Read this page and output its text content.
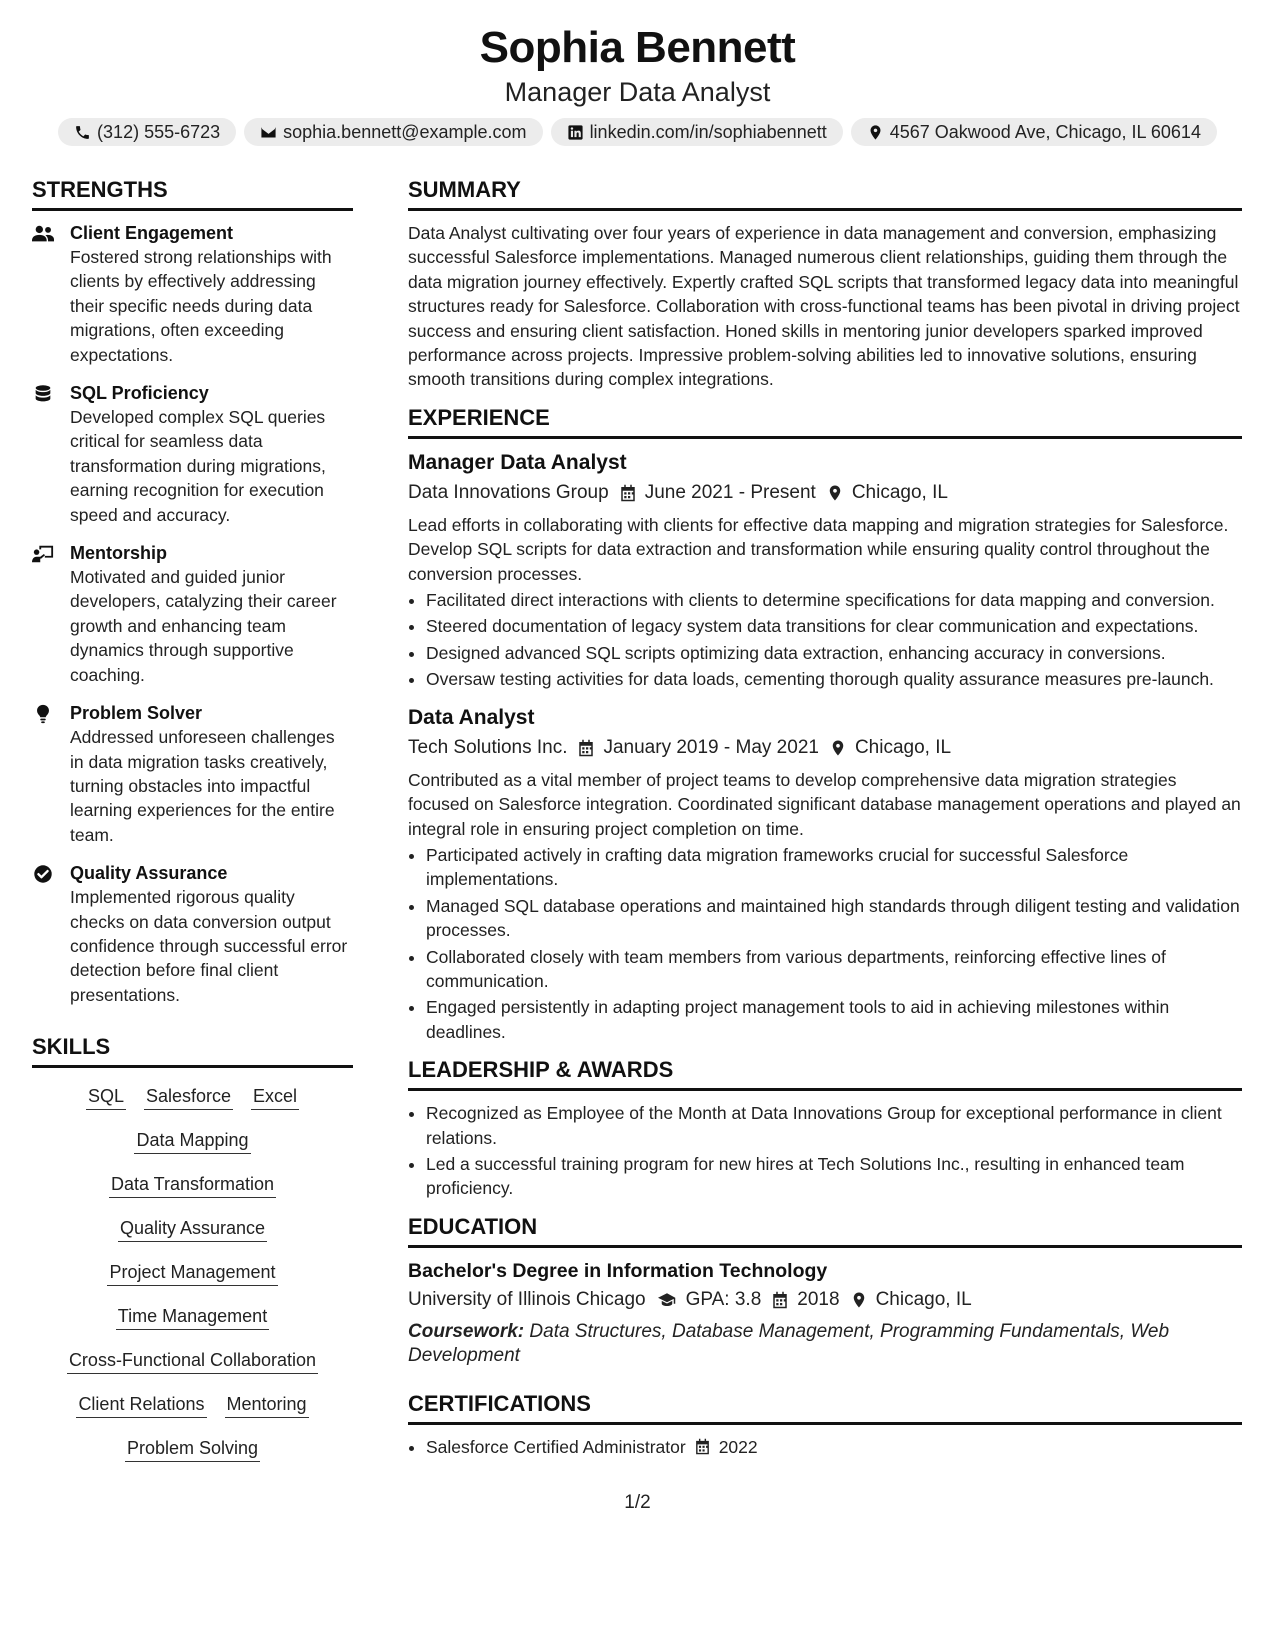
Sophia Bennett
Manager Data Analyst
(312) 555-6723	sophia.bennett@example.com	linkedin.com/in/sophiabennett	4567 Oakwood Ave, Chicago, IL 60614
STRENGTHS
Client Engagement
Fostered strong relationships with clients by effectively addressing their specific needs during data migrations, often exceeding expectations.
SQL Proficiency
Developed complex SQL queries critical for seamless data transformation during migrations, earning recognition for execution speed and accuracy.
Mentorship
Motivated and guided junior developers, catalyzing their career growth and enhancing team dynamics through supportive coaching.
Problem Solver
Addressed unforeseen challenges in data migration tasks creatively, turning obstacles into impactful learning experiences for the entire team.
Quality Assurance
Implemented rigorous quality checks on data conversion output confidence through successful error detection before final client presentations.
SKILLS
SQL Salesforce Excel
Data Mapping
Data Transformation
Quality Assurance
Project Management
Time Management
Cross-Functional Collaboration
Client Relations Mentoring
Problem Solving
SUMMARY
Data Analyst cultivating over four years of experience in data management and conversion, emphasizing successful Salesforce implementations. Managed numerous client relationships, guiding them through the data migration journey effectively. Expertly crafted SQL scripts that transformed legacy data into meaningful structures ready for Salesforce. Collaboration with cross-functional teams has been pivotal in driving project success and ensuring client satisfaction. Honed skills in mentoring junior developers sparked improved performance across projects. Impressive problem-solving abilities led to innovative solutions, ensuring smooth transitions during complex integrations.
EXPERIENCE
Manager Data Analyst
Data Innovations Group June 2021 - Present Chicago, IL
Lead efforts in collaborating with clients for effective data mapping and migration strategies for Salesforce. Develop SQL scripts for data extraction and transformation while ensuring quality control throughout the conversion processes.
• Facilitated direct interactions with clients to determine specifications for data mapping and conversion.
• Steered documentation of legacy system data transitions for clear communication and expectations.
• Designed advanced SQL scripts optimizing data extraction, enhancing accuracy in conversions.
• Oversaw testing activities for data loads, cementing thorough quality assurance measures pre-launch.
Data Analyst
Tech Solutions Inc. January 2019 - May 2021 Chicago, IL
Contributed as a vital member of project teams to develop comprehensive data migration strategies focused on Salesforce integration. Coordinated significant database management operations and played an integral role in ensuring project completion on time.
• Participated actively in crafting data migration frameworks crucial for successful Salesforce implementations.
• Managed SQL database operations and maintained high standards through diligent testing and validation processes.
• Collaborated closely with team members from various departments, reinforcing effective lines of communication.
• Engaged persistently in adapting project management tools to aid in achieving milestones within deadlines.
LEADERSHIP & AWARDS
• Recognized as Employee of the Month at Data Innovations Group for exceptional performance in client relations.
• Led a successful training program for new hires at Tech Solutions Inc., resulting in enhanced team proficiency.
EDUCATION
Bachelor's Degree in Information Technology
University of Illinois Chicago GPA: 3.8 2018 Chicago, IL
Coursework: Data Structures, Database Management, Programming Fundamentals, Web Development
CERTIFICATIONS
• Salesforce Certified Administrator 2022
1/2
